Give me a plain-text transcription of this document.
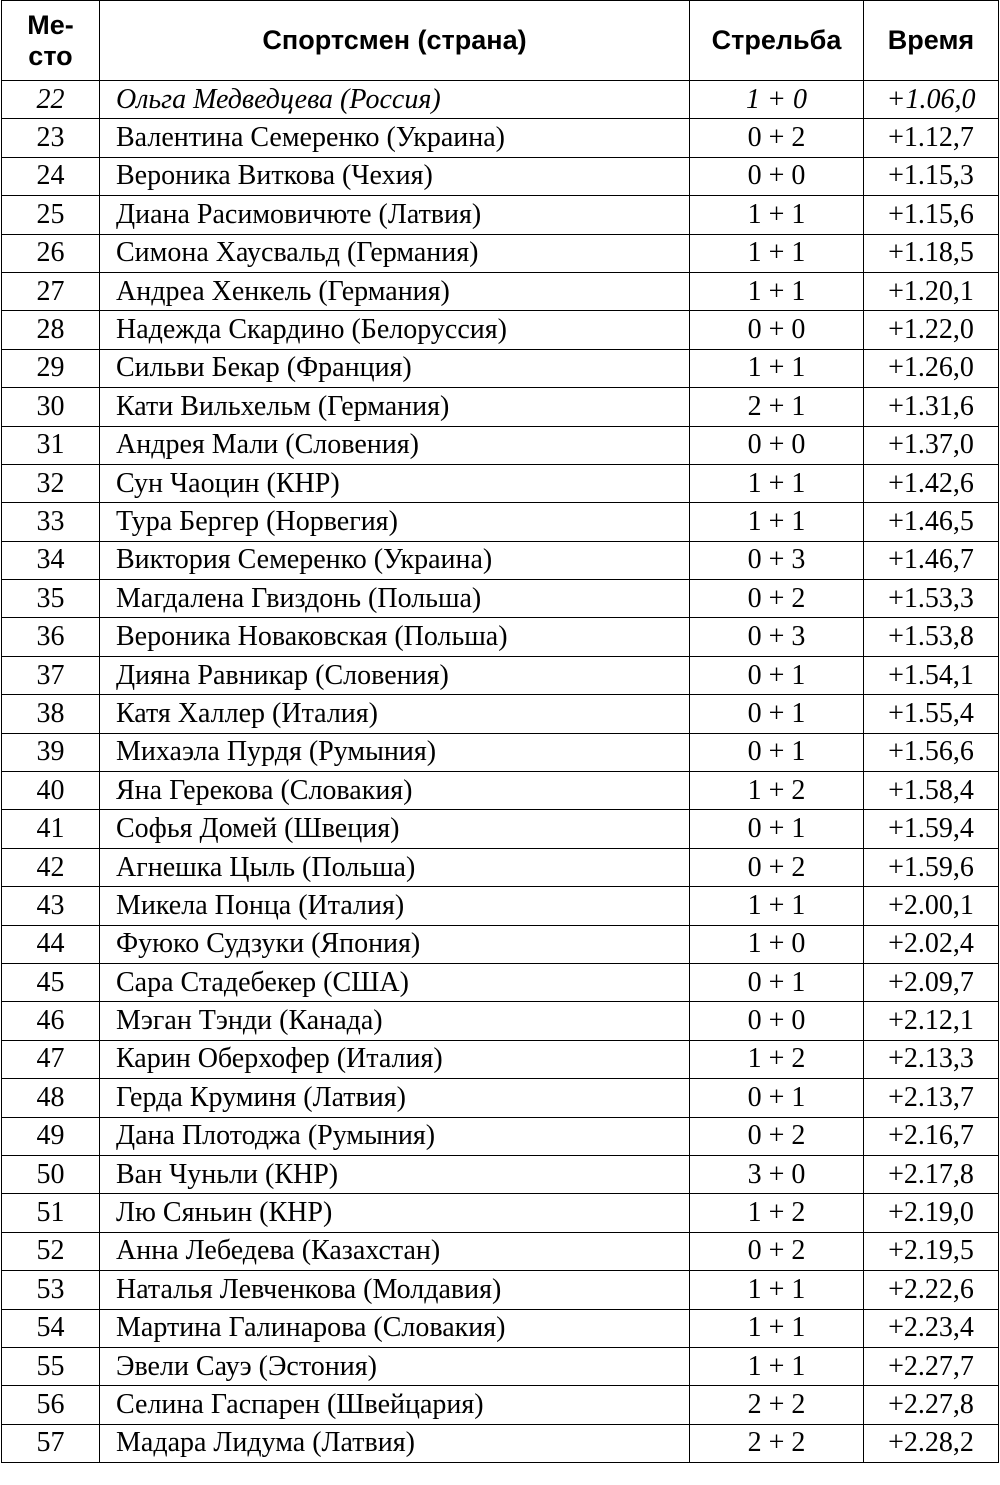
Ме-
сто	Спортсмен (страна)	Стрельба	Время
22	Ольга Медведцева (Россия)	1 + 0	+1.06,0
23	Валентина Семеренко (Украина)	0 + 2	+1.12,7
24	Вероника Виткова (Чехия)	0 + 0	+1.15,3
25	Диана Расимовичюте (Латвия)	1 + 1	+1.15,6
26	Симона Хаусвальд (Германия)	1 + 1	+1.18,5
27	Андреа Хенкель (Германия)	1 + 1	+1.20,1
28	Надежда Скардино (Белоруссия)	0 + 0	+1.22,0
29	Сильви Бекар (Франция)	1 + 1	+1.26,0
30	Кати Вильхельм (Германия)	2 + 1	+1.31,6
31	Андрея Мали (Словения)	0 + 0	+1.37,0
32	Сун Чаоцин (КНР)	1 + 1	+1.42,6
33	Тура Бергер (Норвегия)	1 + 1	+1.46,5
34	Виктория Семеренко (Украина)	0 + 3	+1.46,7
35	Магдалена Гвиздонь (Польша)	0 + 2	+1.53,3
36	Вероника Новаковская (Польша)	0 + 3	+1.53,8
37	Дияна Равникар (Словения)	0 + 1	+1.54,1
38	Катя Халлер (Италия)	0 + 1	+1.55,4
39	Михаэла Пурдя (Румыния)	0 + 1	+1.56,6
40	Яна Герекова (Словакия)	1 + 2	+1.58,4
41	Софья Домей (Швеция)	0 + 1	+1.59,4
42	Агнешка Цыль (Польша)	0 + 2	+1.59,6
43	Микела Понца (Италия)	1 + 1	+2.00,1
44	Фуюко Судзуки (Япония)	1 + 0	+2.02,4
45	Сара Стадебекер (США)	0 + 1	+2.09,7
46	Мэган Тэнди (Канада)	0 + 0	+2.12,1
47	Карин Оберхофер (Италия)	1 + 2	+2.13,3
48	Герда Круминя (Латвия)	0 + 1	+2.13,7
49	Дана Плотоджа (Румыния)	0 + 2	+2.16,7
50	Ван Чуньли (КНР)	3 + 0	+2.17,8
51	Лю Сяньин (КНР)	1 + 2	+2.19,0
52	Анна Лебедева (Казахстан)	0 + 2	+2.19,5
53	Наталья Левченкова (Молдавия)	1 + 1	+2.22,6
54	Мартина Галинарова (Словакия)	1 + 1	+2.23,4
55	Эвели Сауэ (Эстония)	1 + 1	+2.27,7
56	Селина Гаспарен (Швейцария)	2 + 2	+2.27,8
57	Мадара Лидума (Латвия)	2 + 2	+2.28,2
